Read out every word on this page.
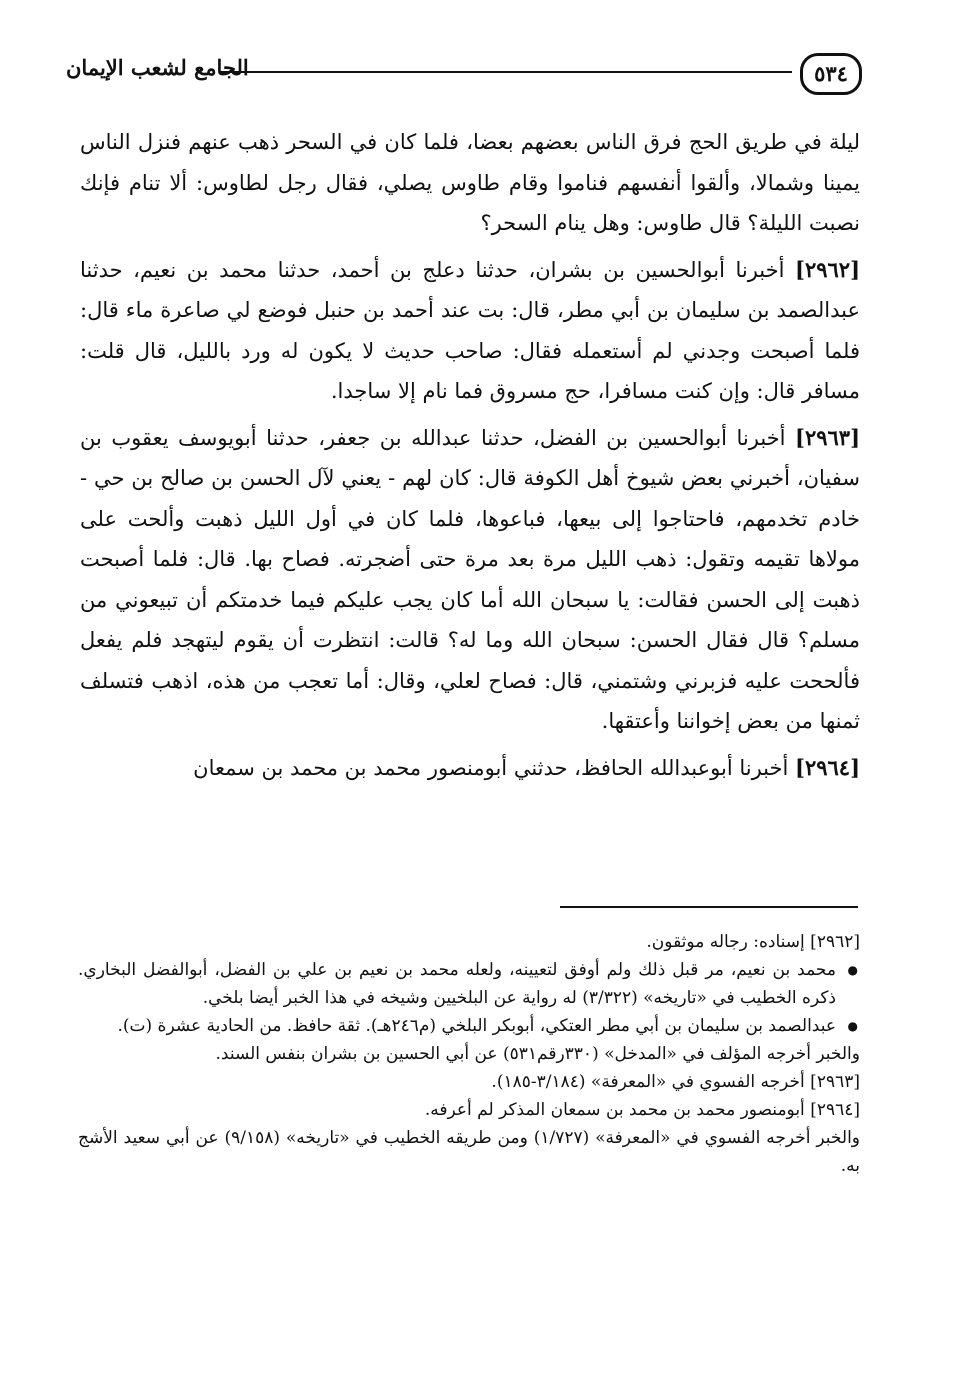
٥٣٤
الجامع لشعب الإيمان

ليلة في طريق الحج فرق الناس بعضهم بعضا، فلما كان في السحر ذهب عنهم فنزل الناس يمينا وشمالا، وألقوا أنفسهم فناموا وقام طاوس يصلي، فقال رجل لطاوس: ألا تنام فإنك نصبت الليلة؟ قال طاوس: وهل ينام السحر؟

[٢٩٦٢] أخبرنا أبوالحسين بن بشران، حدثنا دعلج بن أحمد، حدثنا محمد بن نعيم، حدثنا عبدالصمد بن سليمان بن أبي مطر، قال: بت عند أحمد بن حنبل فوضع لي صاعرة ماء قال: فلما أصبحت وجدني لم أستعمله فقال: صاحب حديث لا يكون له ورد بالليل، قال قلت: مسافر قال: وإن كنت مسافرا، حج مسروق فما نام إلا ساجدا.

[٢٩٦٣] أخبرنا أبوالحسين بن الفضل، حدثنا عبدالله بن جعفر، حدثنا أبويوسف يعقوب بن سفيان، أخبرني بعض شيوخ أهل الكوفة قال: كان لهم - يعني لآل الحسن بن صالح بن حي - خادم تخدمهم، فاحتاجوا إلى بيعها، فباعوها، فلما كان في أول الليل ذهبت وألحت على مولاها تقيمه وتقول: ذهب الليل مرة بعد مرة حتى أضجرته. فصاح بها. قال: فلما أصبحت ذهبت إلى الحسن فقالت: يا سبحان الله أما كان يجب عليكم فيما خدمتكم أن تبيعوني من مسلم؟ قال فقال الحسن: سبحان الله وما له؟ قالت: انتظرت أن يقوم ليتهجد فلم يفعل فألححت عليه فزبرني وشتمني، قال: فصاح لعلي، وقال: أما تعجب من هذه، اذهب فتسلف ثمنها من بعض إخواننا وأعتقها.

[٢٩٦٤] أخبرنا أبوعبدالله الحافظ، حدثني أبومنصور محمد بن محمد بن سمعان

[٢٩٦٢] إسناده: رجاله موثقون.

● محمد بن نعيم، مر قبل ذلك ولم أوفق لتعيينه، ولعله محمد بن نعيم بن علي بن الفضل، أبوالفضل البخاري. ذكره الخطيب في «تاريخه» (٣/٣٢٢) له رواية عن البلخيين وشيخه في هذا الخبر أيضا بلخي.

● عبدالصمد بن سليمان بن أبي مطر العتكي، أبوبكر البلخي (م٢٤٦هـ). ثقة حافظ. من الحادية عشرة (ت).

والخبر أخرجه المؤلف في «المدخل» (٣٣٠رقم٥٣١) عن أبي الحسين بن بشران بنفس السند.

[٢٩٦٣] أخرجه الفسوي في «المعرفة» (٣/١٨٤-١٨٥).

[٢٩٦٤] أبومنصور محمد بن محمد بن سمعان المذكر لم أعرفه.

والخبر أخرجه الفسوي في «المعرفة» (١/٧٢٧) ومن طريقه الخطيب في «تاريخه» (٩/١٥٨) عن أبي سعيد الأشج به.
